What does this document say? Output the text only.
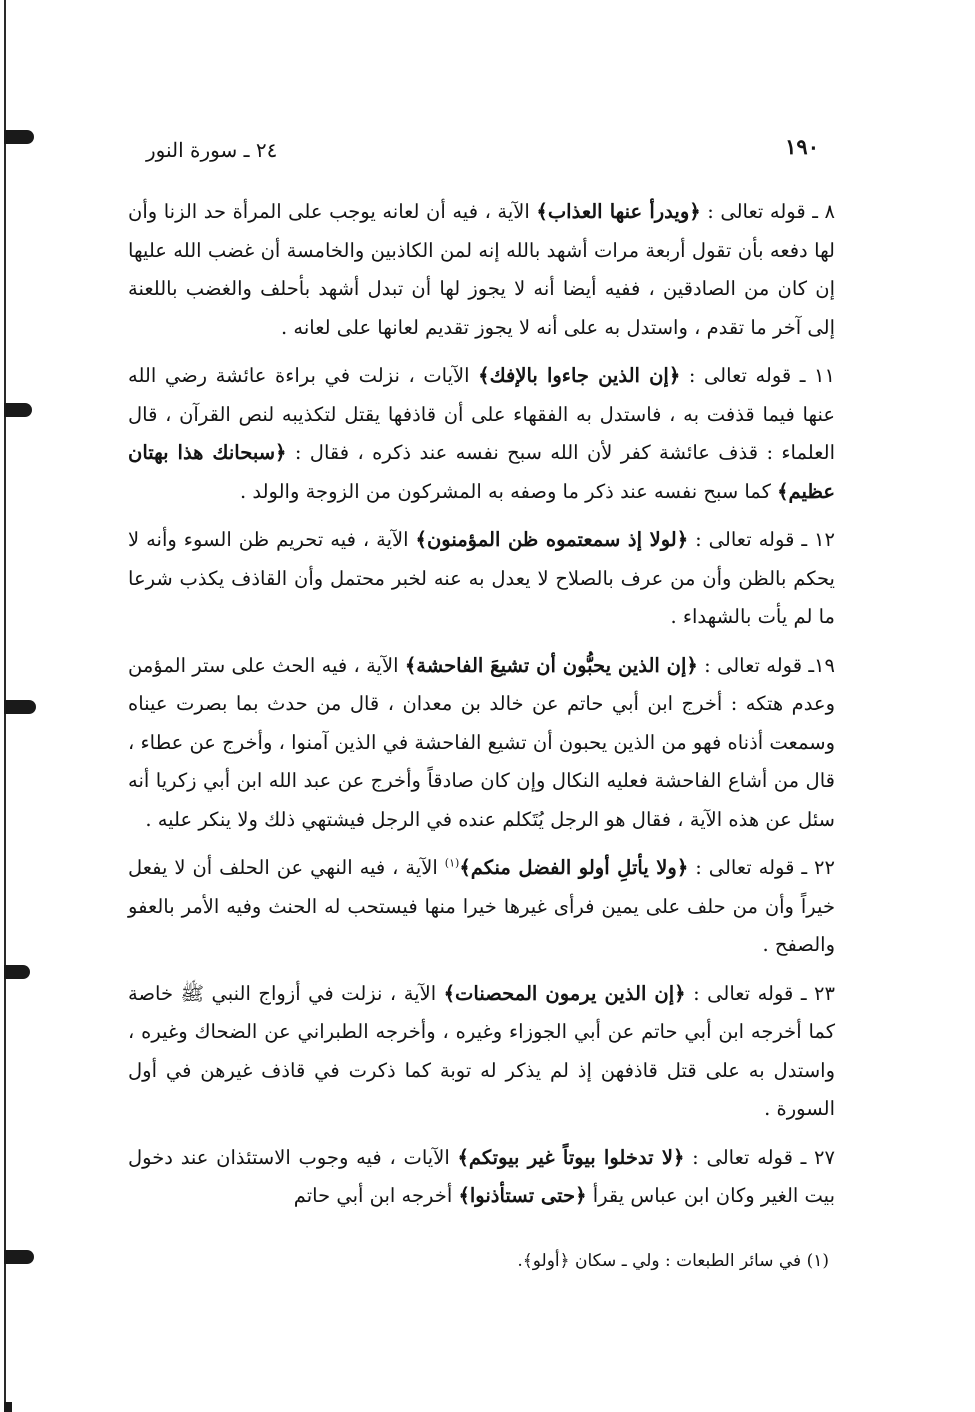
١٩٠
٢٤ ـ سورة النور

٨ ـ قوله تعالى : ﴿ويدرأ عنها العذاب﴾ الآية ، فيه أن لعانه يوجب على المرأة حد الزنا وأن لها دفعه بأن تقول أربعة مرات أشهد بالله إنه لمن الكاذبين والخامسة أن غضب الله عليها إن كان من الصادقين ، ففيه أيضا أنه لا يجوز لها أن تبدل أشهد بأحلف والغضب باللعنة إلى آخر ما تقدم ، واستدل به على أنه لا يجوز تقديم لعانها على لعانه .

١١ ـ قوله تعالى : ﴿إن الذين جاءوا بالإفك﴾ الآيات ، نزلت في براءة عائشة رضي الله عنها فيما قذفت به ، فاستدل به الفقهاء على أن قاذفها يقتل لتكذيبه لنص القرآن ، قال العلماء : قذف عائشة كفر لأن الله سبح نفسه عند ذكره ، فقال : ﴿سبحانك هذا بهتان عظيم﴾ كما سبح نفسه عند ذكر ما وصفه به المشركون من الزوجة والولد .

١٢ ـ قوله تعالى : ﴿لولا إذ سمعتموه ظن المؤمنون﴾ الآية ، فيه تحريم ظن السوء وأنه لا يحكم بالظن وأن من عرف بالصلاح لا يعدل به عنه لخبر محتمل وأن القاذف يكذب شرعا ما لم يأت بالشهداء .

١٩ـ قوله تعالى : ﴿إن الذين يحبُّون أن تشيعَ الفاحشة﴾ الآية ، فيه الحث على ستر المؤمن وعدم هتكه : أخرج ابن أبي حاتم عن خالد بن معدان ، قال من حدث بما بصرت عيناه وسمعت أذناه فهو من الذين يحبون أن تشيع الفاحشة في الذين آمنوا ، وأخرج عن عطاء ، قال من أشاع الفاحشة فعليه النكال وإن كان صادقاً وأخرج عن عبد الله ابن أبي زكريا أنه سئل عن هذه الآية ، فقال هو الرجل يُتَكلم عنده في الرجل فيشتهي ذلك ولا ينكر عليه .

٢٢ ـ قوله تعالى : ﴿ولا يأتلِ أولو الفضل منكم﴾$^{(١)}$ الآية ، فيه النهي عن الحلف أن لا يفعل خيراً وأن من حلف على يمين فرأى غيرها خيرا منها فيستحب له الحنث وفيه الأمر بالعفو والصفح .

٢٣ ـ قوله تعالى : ﴿إن الذين يرمون المحصنات﴾ الآية ، نزلت في أزواج النبي ﷺ خاصة كما أخرجه ابن أبي حاتم عن أبي الجوزاء وغيره ، وأخرجه الطبراني عن الضحاك وغيره ، واستدل به على قتل قاذفهن إذ لم يذكر له توبة كما ذكرت في قاذف غيرهن في أول السورة .

٢٧ ـ قوله تعالى : ﴿لا تدخلوا بيوتاً غير بيوتكم﴾ الآيات ، فيه وجوب الاستئذان عند دخول بيت الغير وكان ابن عباس يقرأ ﴿حتى تستأذنوا﴾ أخرجه ابن أبي حاتم

(١) في سائر الطبعات : ولي ـ سكان ﴿أولو﴾.
